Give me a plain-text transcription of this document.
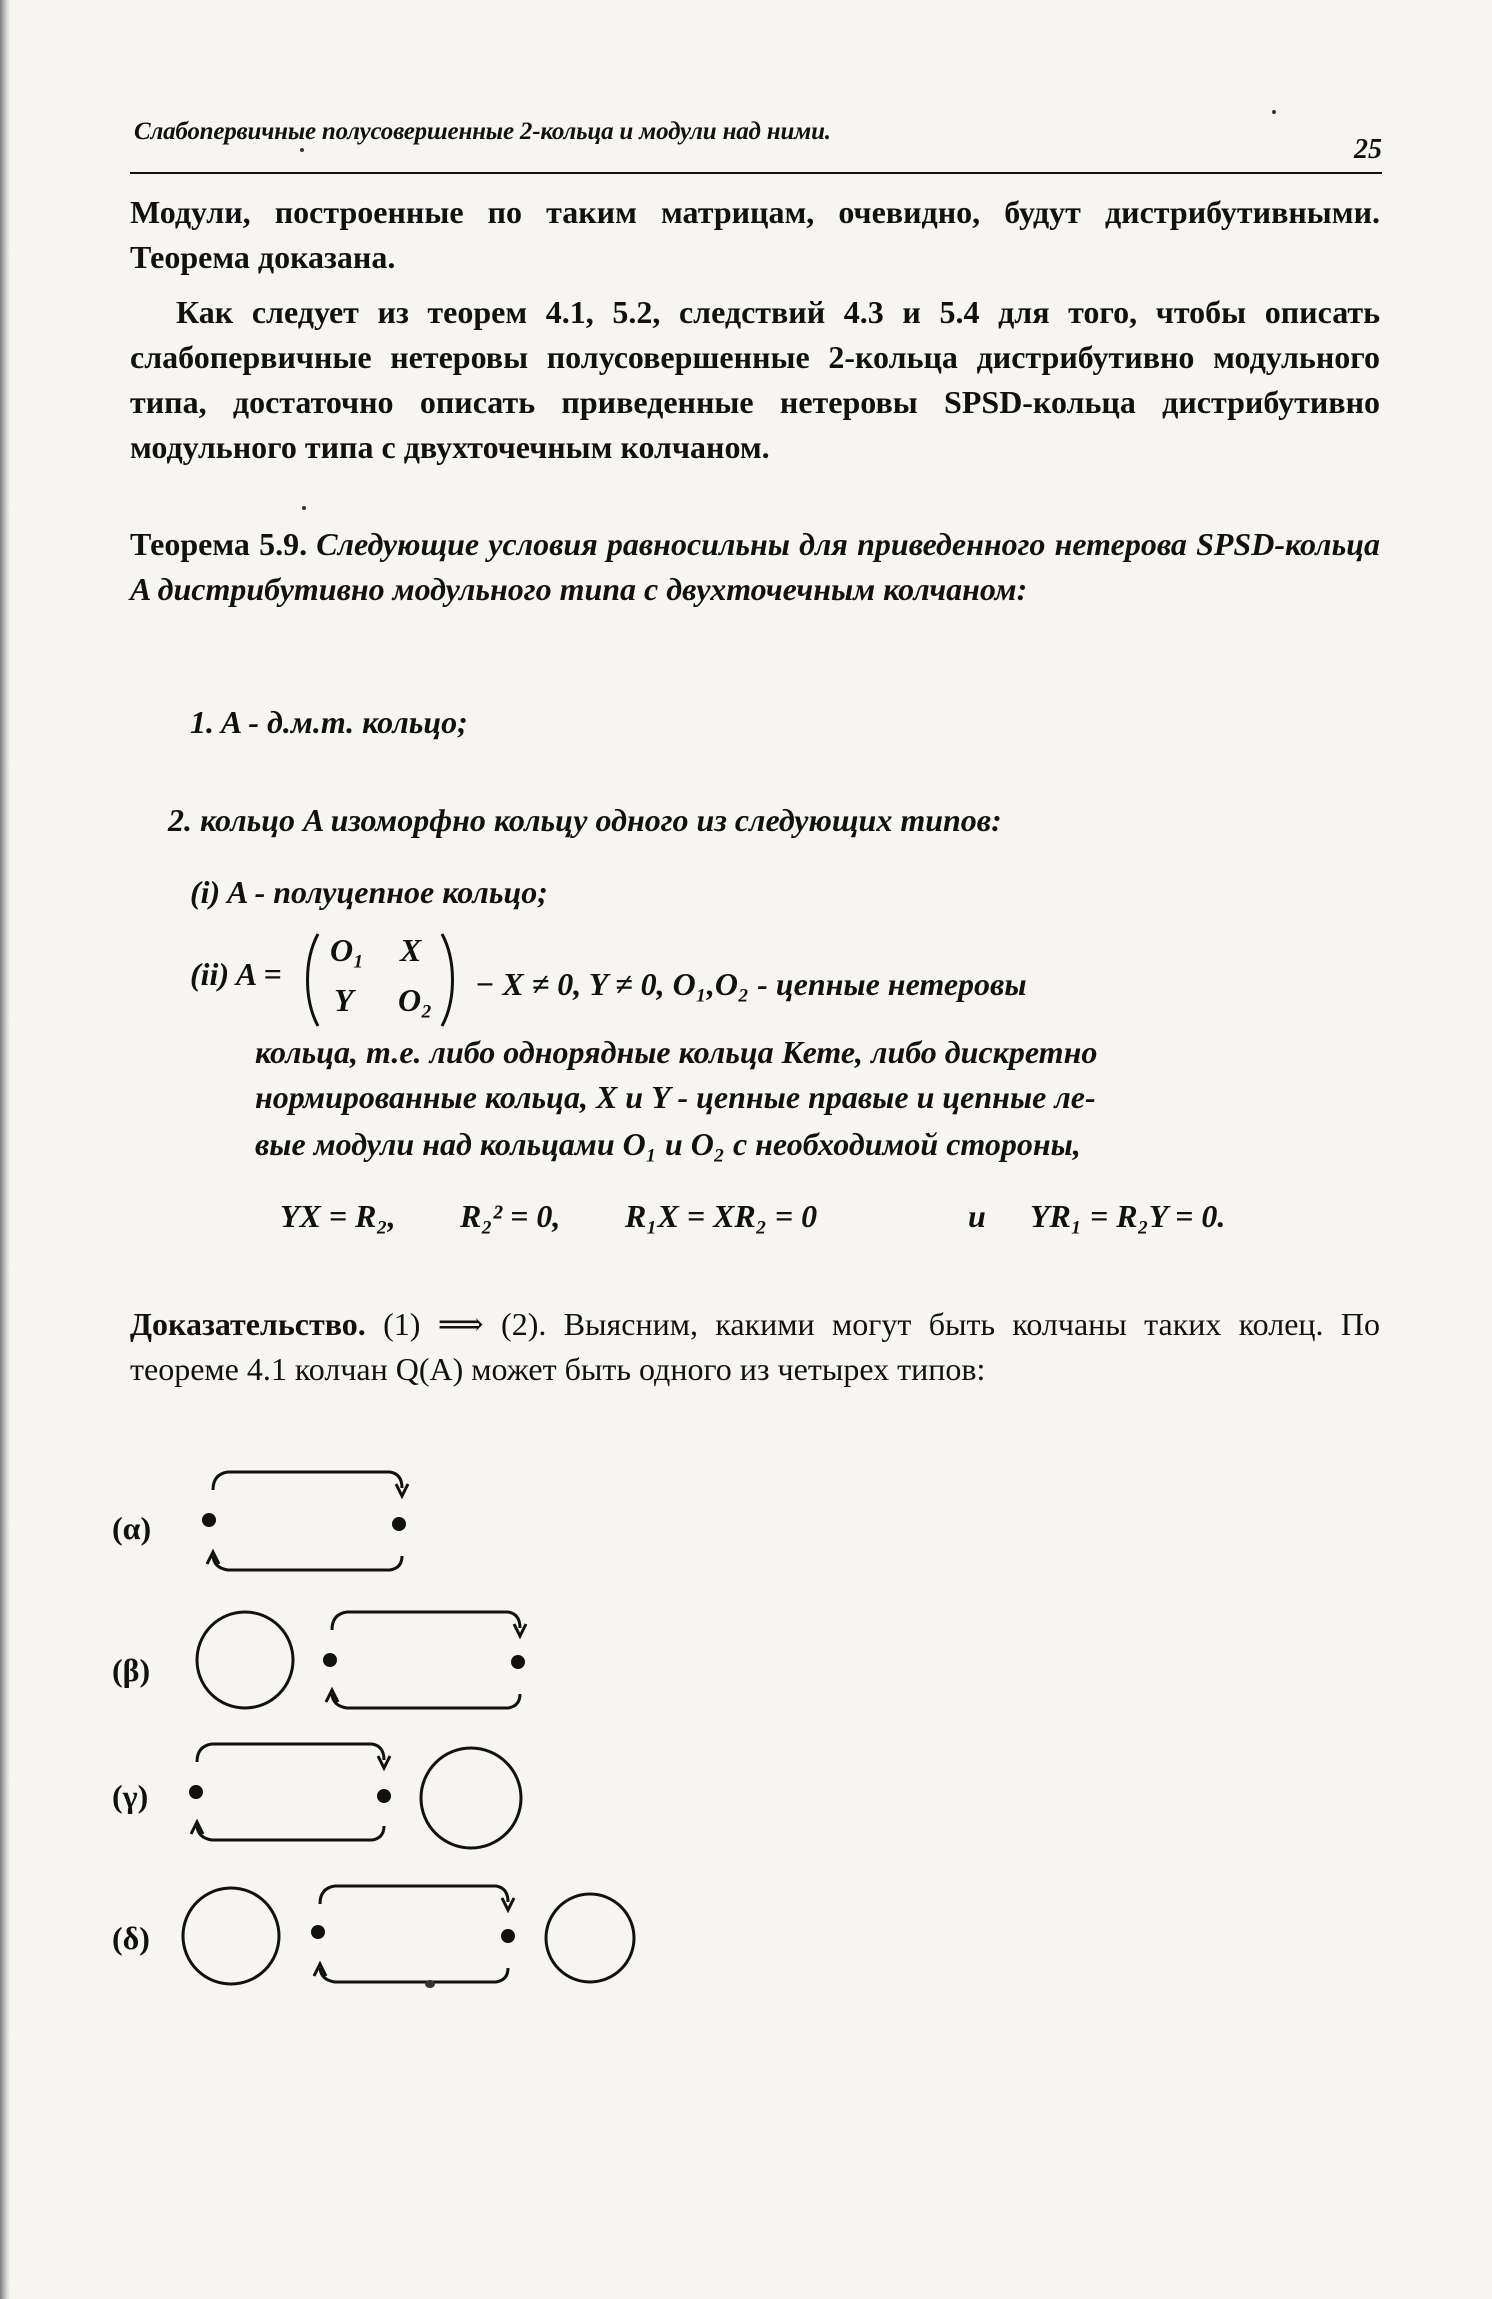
Слабопервичные полусовершенные 2-кольца и модули над ними.
25
Модули, построенные по таким матрицам, очевидно, будут дистрибутивными. Теорема доказана.
Как следует из теорем 4.1, 5.2, следствий 4.3 и 5.4 для того, чтобы описать слабопервичные нетеровы полусовершенные 2-кольца дистрибутивно модульного типа, достаточно описать приведенные нетеровы SPSD-кольца дистрибутивно модульного типа с двухточечным колчаном.
Теорема 5.9. Следующие условия равносильны для приведенного нетерова SPSD-кольца A дистрибутивно модульного типа с двухточечным колчаном:
1. A - д.м.т. кольцо;
2. кольцо A изоморфно кольцу одного из следующих типов:
(i) A - полуцепное кольцо;
(ii) A =
O₁ X
Y O₂ − X ≠ 0, Y ≠ 0, O₁,O₂ - цепные нетеровы
кольца, т.е. либо однорядные кольца Кете, либо дискретно
нормированные кольца, X и Y - цепные правые и цепные ле-
вые модули над кольцами O₁ и O₂ с необходимой стороны,
YX = R₂, R₂² = 0, R₁X = XR₂ = 0	и YR₁ = R₂Y = 0.
Доказательство. (1) ⟹ (2). Выясним, какими могут быть колчаны таких колец. По теореме 4.1 колчан Q(A) может быть одного из четырех типов:
(α)
(β)
(γ)
(δ)
